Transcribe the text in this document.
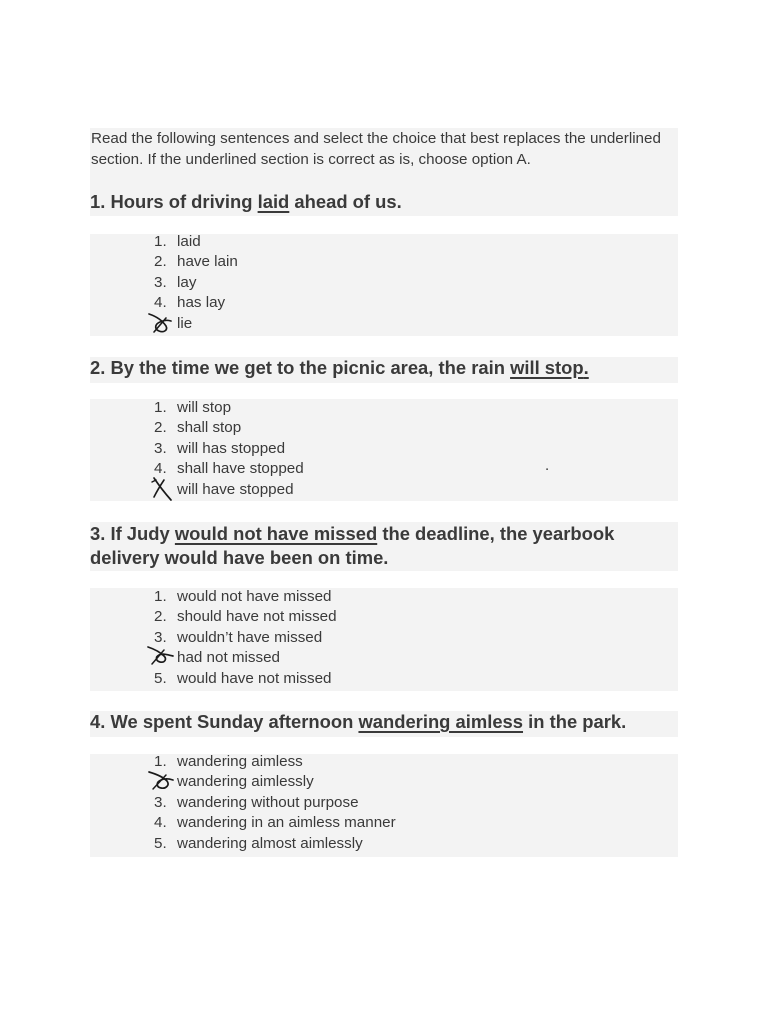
Read the following sentences and select the choice that best replaces the underlined section. If the underlined section is correct as is, choose option A.

1. Hours of driving laid ahead of us.
1. laid
2. have lain
3. lay
4. has lay
lie
2. By the time we get to the picnic area, the rain will stop.
1. will stop
2. shall stop
3. will has stopped
4. shall have stopped
will have stopped
.
3. If Judy would not have missed the deadline, the yearbook delivery would have been on time.
1. would not have missed
2. should have not missed
3. wouldn’t have missed
had not missed
5. would have not missed
4. We spent Sunday afternoon wandering aimless in the park.
1. wandering aimless
wandering aimlessly
3. wandering without purpose
4. wandering in an aimless manner
5. wandering almost aimlessly
